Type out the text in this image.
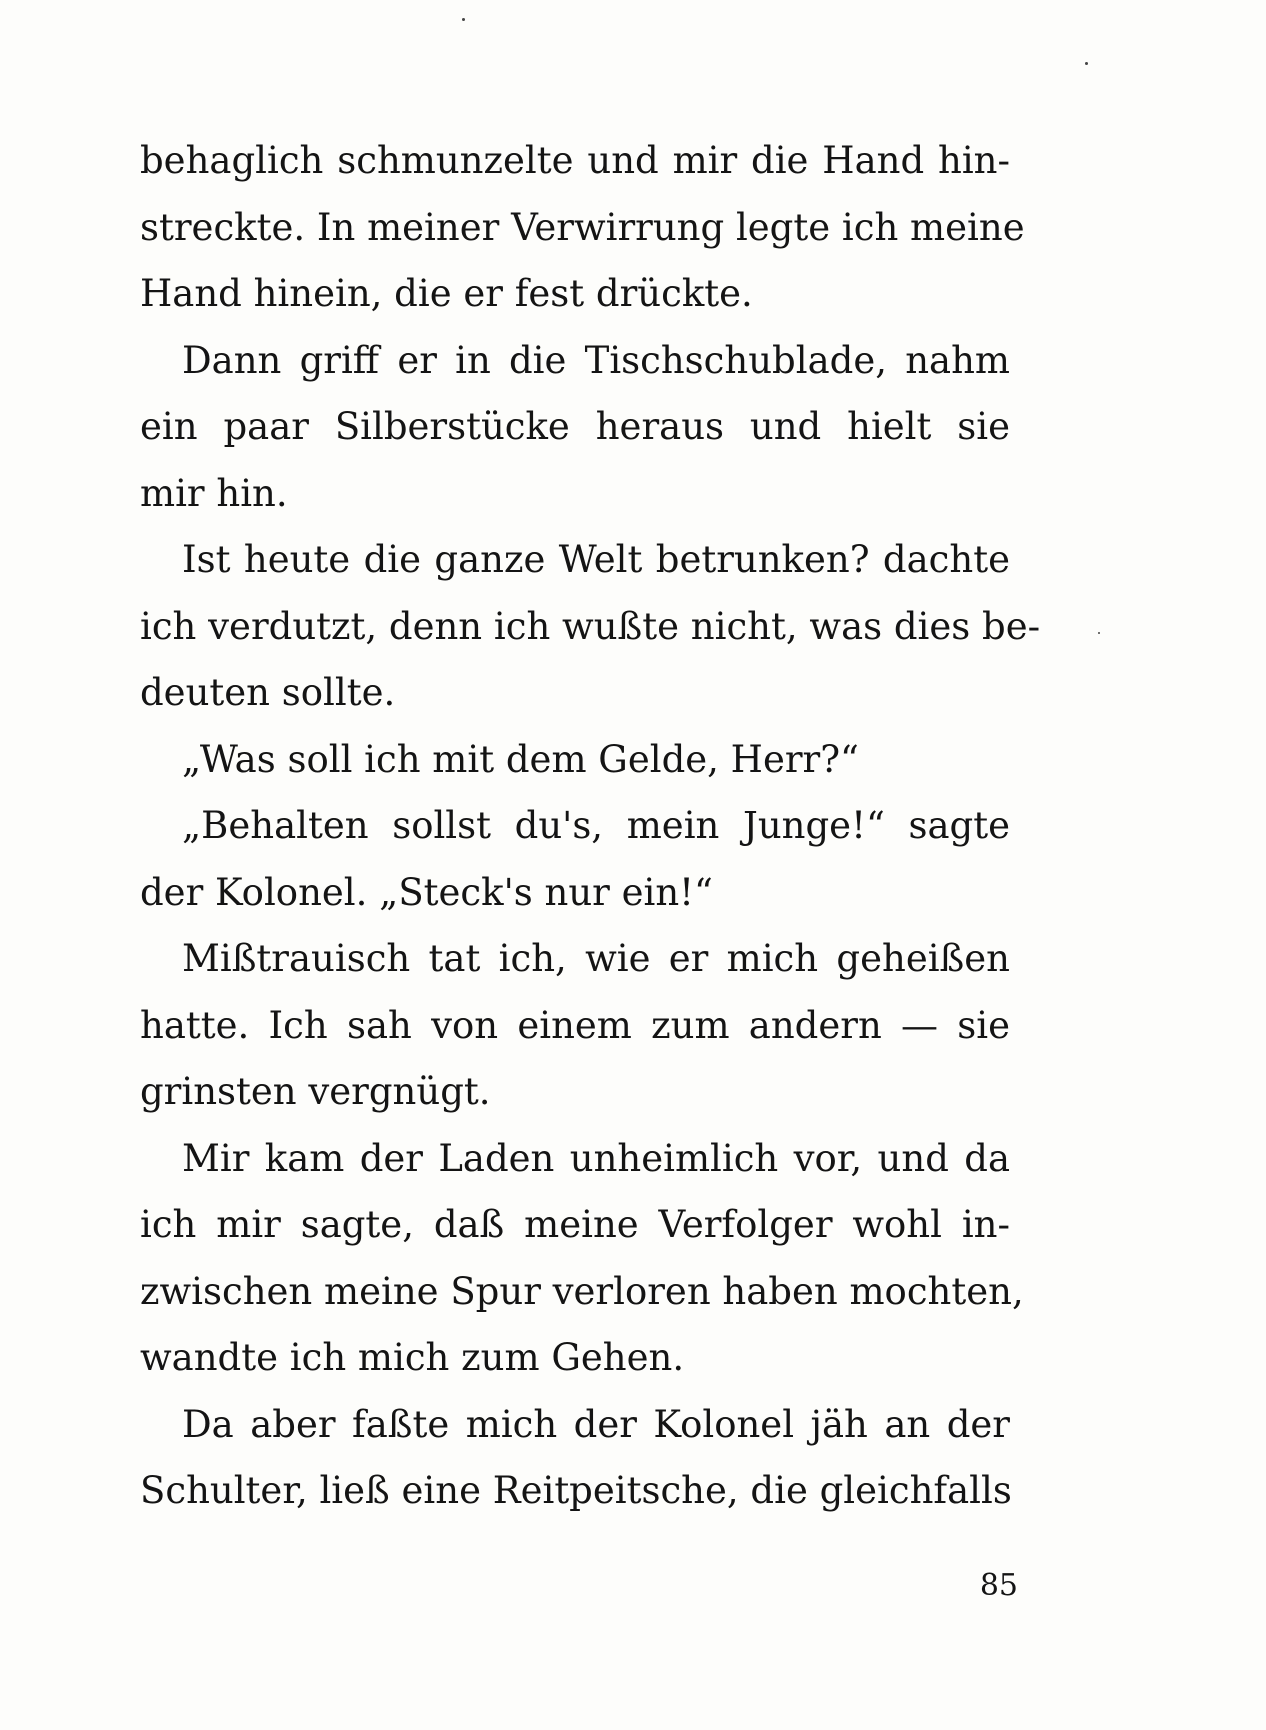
behaglich schmunzelte und mir die Hand hin-
streckte. In meiner Verwirrung legte ich meine
Hand hinein, die er fest drückte.
Dann griff er in die Tischschublade, nahm
ein paar Silberstücke heraus und hielt sie
mir hin.
Ist heute die ganze Welt betrunken? dachte
ich verdutzt, denn ich wußte nicht, was dies be-
deuten sollte.
„Was soll ich mit dem Gelde, Herr?“
„Behalten sollst du's, mein Junge!“ sagte
der Kolonel. „Steck's nur ein!“
Mißtrauisch tat ich, wie er mich geheißen
hatte. Ich sah von einem zum andern — sie
grinsten vergnügt.
Mir kam der Laden unheimlich vor, und da
ich mir sagte, daß meine Verfolger wohl in-
zwischen meine Spur verloren haben mochten,
wandte ich mich zum Gehen.
Da aber faßte mich der Kolonel jäh an der
Schulter, ließ eine Reitpeitsche, die gleichfalls
85
